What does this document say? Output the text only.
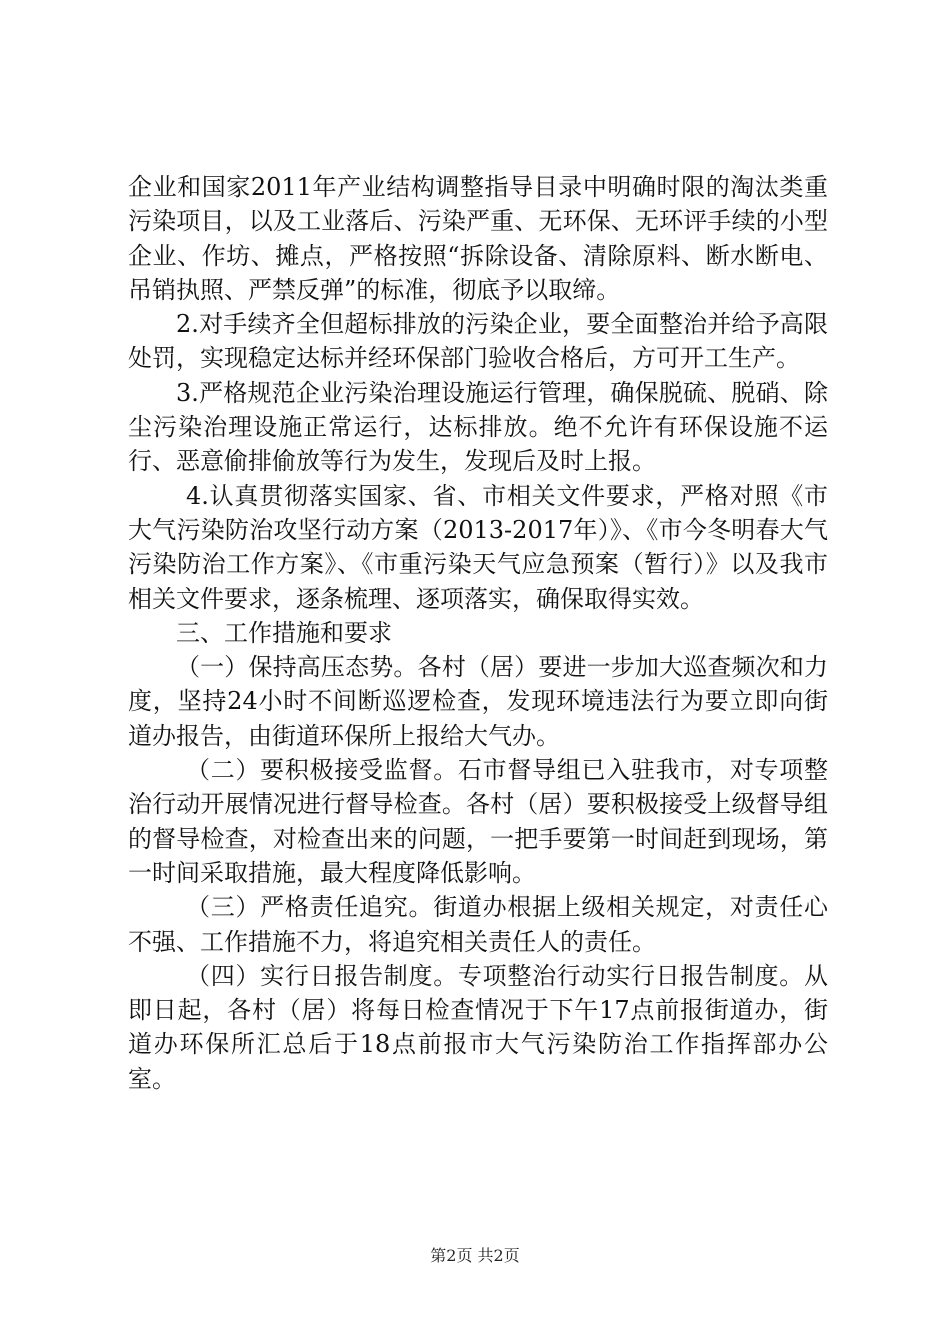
企业和国家2011年产业结构调整指导目录中明确时限的淘汰类重污染项目，以及工业落后、污染严重、无环保、无环评手续的小型企业、作坊、摊点，严格按照“拆除设备、清除原料、断水断电、吊销执照、严禁反弹”的标准，彻底予以取缔。

2.对手续齐全但超标排放的污染企业，要全面整治并给予高限处罚，实现稳定达标并经环保部门验收合格后，方可开工生产。

3.严格规范企业污染治理设施运行管理，确保脱硫、脱硝、除尘污染治理设施正常运行，达标排放。绝不允许有环保设施不运行、恶意偷排偷放等行为发生，发现后及时上报。

4.认真贯彻落实国家、省、市相关文件要求，严格对照《市大气污染防治攻坚行动方案（2013-2017年）》、《市今冬明春大气污染防治工作方案》、《市重污染天气应急预案（暂行）》以及我市相关文件要求，逐条梳理、逐项落实，确保取得实效。

三、工作措施和要求

（一）保持高压态势。各村（居）要进一步加大巡查频次和力度，坚持24小时不间断巡逻检查，发现环境违法行为要立即向街道办报告，由街道环保所上报给大气办。

（二）要积极接受监督。石市督导组已入驻我市，对专项整治行动开展情况进行督导检查。各村（居）要积极接受上级督导组的督导检查，对检查出来的问题，一把手要第一时间赶到现场，第一时间采取措施，最大程度降低影响。

（三）严格责任追究。街道办根据上级相关规定，对责任心不强、工作措施不力，将追究相关责任人的责任。

（四）实行日报告制度。专项整治行动实行日报告制度。从即日起，各村（居）将每日检查情况于下午17点前报街道办，街道办环保所汇总后于18点前报市大气污染防治工作指挥部办公室。

第2页 共2页
